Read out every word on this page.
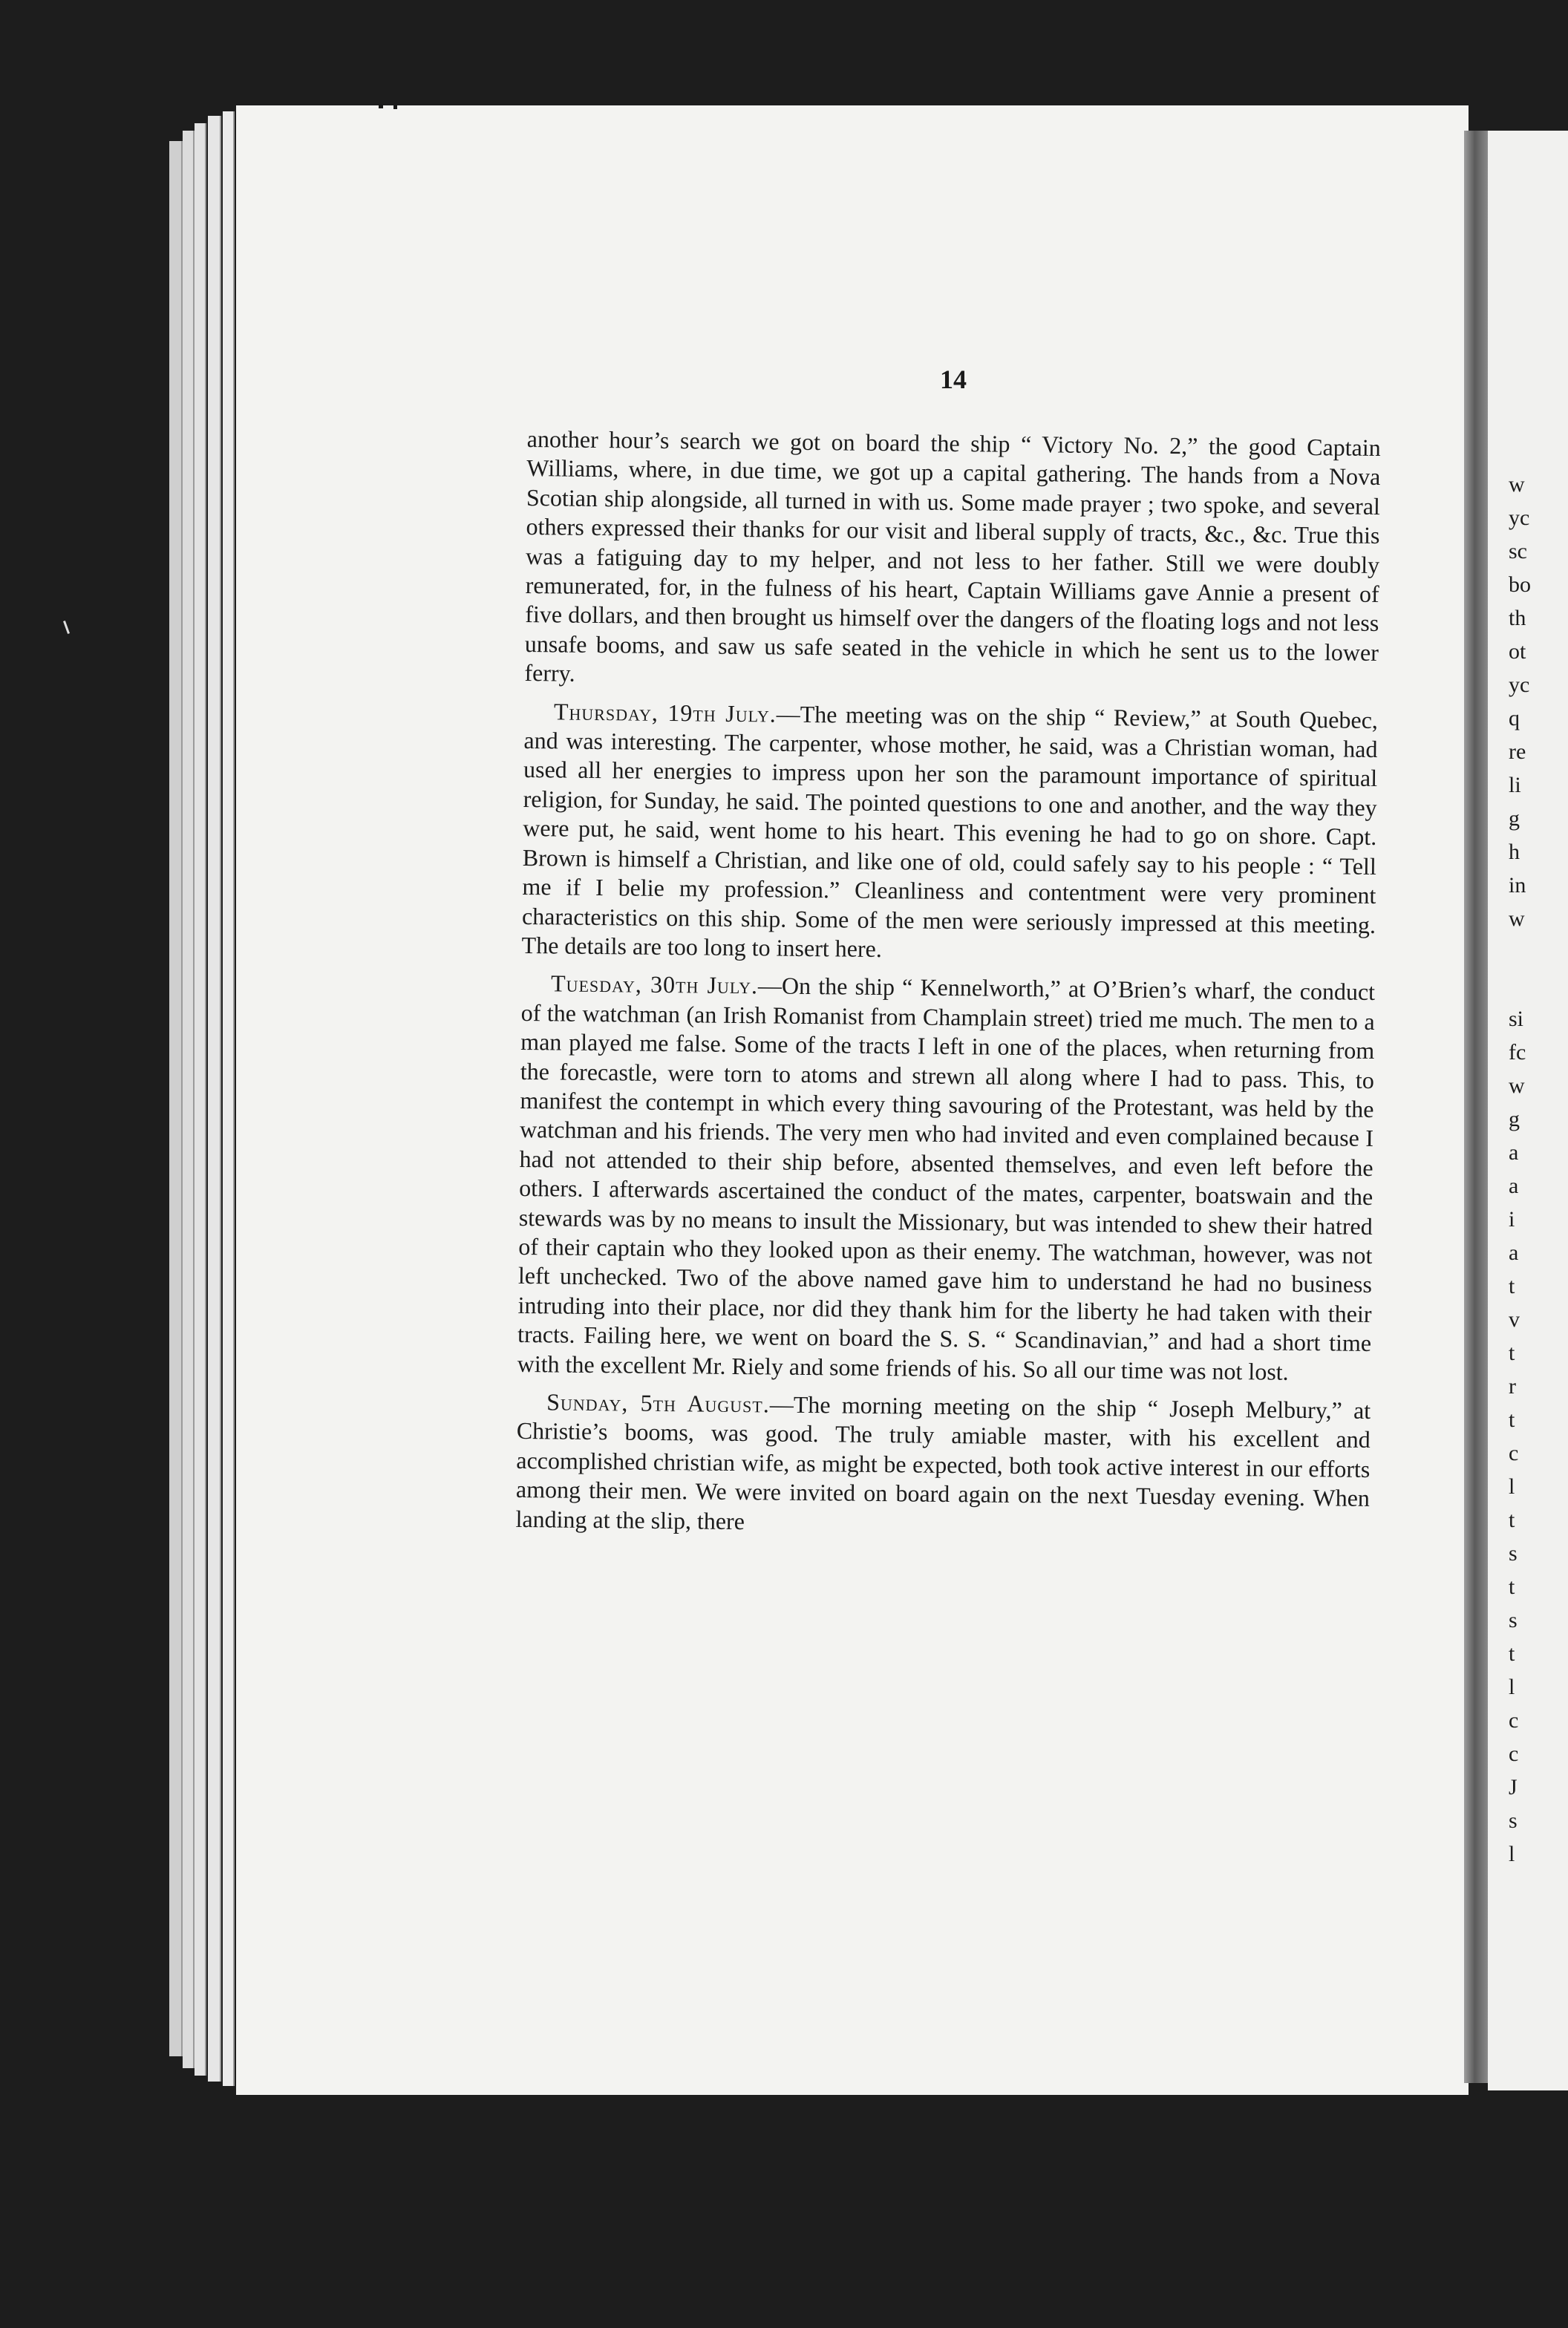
14

another hour’s search we got on board the ship “ Victory No. 2,” the good Captain Williams, where, in due time, we got up a capital gathering. The hands from a Nova Scotian ship alongside, all turned in with us. Some made prayer ; two spoke, and several others expressed their thanks for our visit and liberal supply of tracts, &c., &c. True this was a fatiguing day to my helper, and not less to her father. Still we were doubly remunerated, for, in the fulness of his heart, Captain Williams gave Annie a present of five dollars, and then brought us himself over the dangers of the floating logs and not less unsafe booms, and saw us safe seated in the vehicle in which he sent us to the lower ferry.

Thursday, 19th July.—The meeting was on the ship “ Review,” at South Quebec, and was interesting. The carpenter, whose mother, he said, was a Christian woman, had used all her energies to impress upon her son the paramount importance of spiritual religion, for Sunday, he said. The pointed questions to one and another, and the way they were put, he said, went home to his heart. This evening he had to go on shore. Capt. Brown is himself a Christian, and like one of old, could safely say to his people : “ Tell me if I belie my profession.” Cleanliness and contentment were very prominent characteristics on this ship. Some of the men were seriously impressed at this meeting. The details are too long to insert here.

Tuesday, 30th July.—On the ship “ Kennelworth,” at O’Brien’s wharf, the conduct of the watchman (an Irish Romanist from Champlain street) tried me much. The men to a man played me false. Some of the tracts I left in one of the places, when returning from the forecastle, were torn to atoms and strewn all along where I had to pass. This, to manifest the contempt in which every thing savouring of the Protestant, was held by the watchman and his friends. The very men who had invited and even complained because I had not attended to their ship before, absented themselves, and even left before the others. I afterwards ascertained the conduct of the mates, carpenter, boatswain and the stewards was by no means to insult the Missionary, but was intended to shew their hatred of their captain who they looked upon as their enemy. The watchman, however, was not left unchecked. Two of the above named gave him to understand he had no business intruding into their place, nor did they thank him for the liberty he had taken with their tracts. Failing here, we went on board the S. S. “ Scandinavian,” and had a short time with the excellent Mr. Riely and some friends of his. So all our time was not lost.

Sunday, 5th August.—The morning meeting on the ship “ Joseph Melbury,” at Christie’s booms, was good. The truly amiable master, with his excellent and accomplished christian wife, as might be expected, both took active interest in our efforts among their men. We were invited on board again on the next Tuesday evening. When landing at the slip, there

w
yc
sc
bo
th
ot
yc
q
re
li
g
h
in
w
si
fc
w
g
a
a
i
a
t
v
t
r
t
c
l
t
s
t
s
t
l
c
c
J
s
l
